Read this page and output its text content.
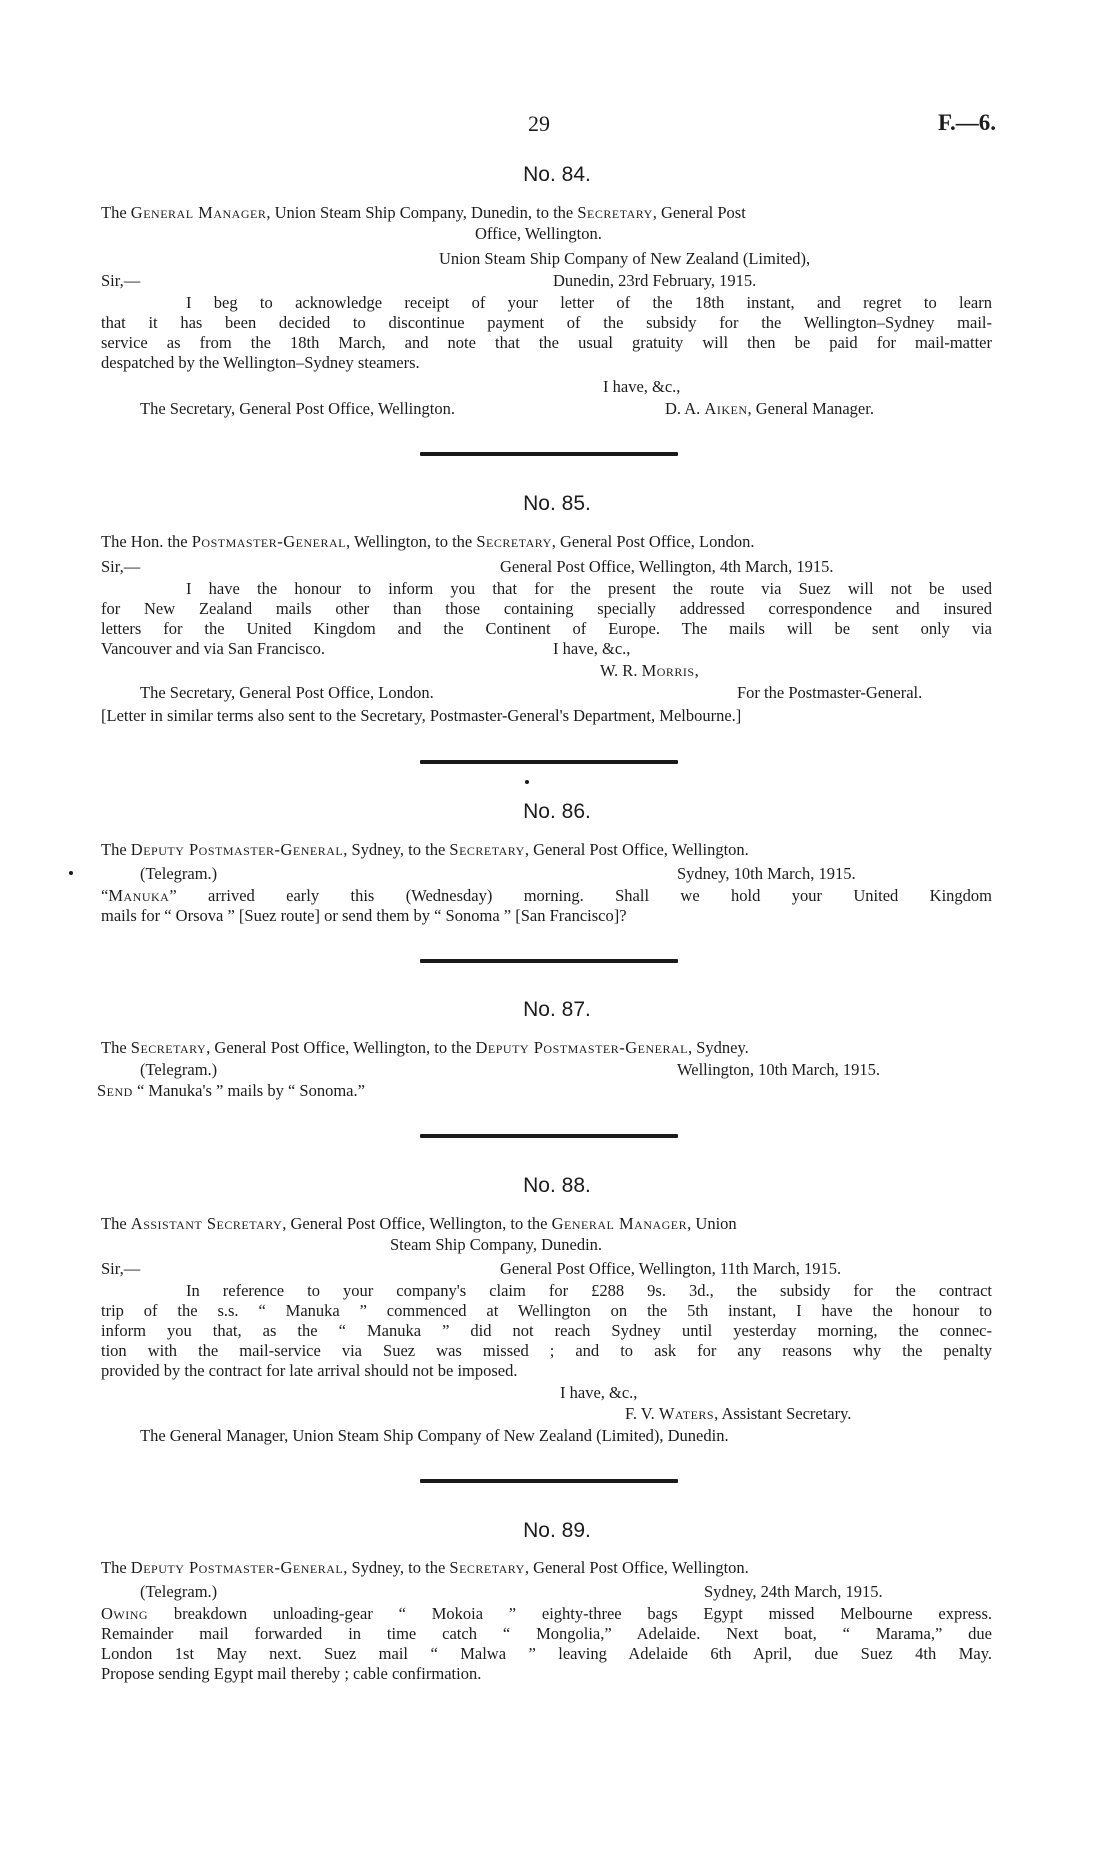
29	F.—6.
No. 84.
The General Manager, Union Steam Ship Company, Dunedin, to the Secretary, General Post
Office, Wellington.
Union Steam Ship Company of New Zealand (Limited),
Sir,—	Dunedin, 23rd February, 1915.
I beg to acknowledge receipt of your letter of the 18th instant, and regret to learn
that it has been decided to discontinue payment of the subsidy for the Wellington–Sydney mail-
service as from the 18th March, and note that the usual gratuity will then be paid for mail-matter
despatched by the Wellington–Sydney steamers.
I have, &c.,
The Secretary, General Post Office, Wellington.	D. A. Aiken, General Manager.
No. 85.
The Hon. the Postmaster-General, Wellington, to the Secretary, General Post Office, London.
Sir,—	General Post Office, Wellington, 4th March, 1915.
I have the honour to inform you that for the present the route via Suez will not be used
for New Zealand mails other than those containing specially addressed correspondence and insured
letters for the United Kingdom and the Continent of Europe. The mails will be sent only via
Vancouver and via San Francisco.	I have, &c.,
W. R. Morris,
The Secretary, General Post Office, London.	For the Postmaster-General.
[Letter in similar terms also sent to the Secretary, Postmaster-General's Department, Melbourne.]
No. 86.
The Deputy Postmaster-General, Sydney, to the Secretary, General Post Office, Wellington.
(Telegram.)	Sydney, 10th March, 1915.
“Manuka” arrived early this (Wednesday) morning. Shall we hold your United Kingdom
mails for “ Orsova ” [Suez route] or send them by “ Sonoma ” [San Francisco]?
No. 87.
The Secretary, General Post Office, Wellington, to the Deputy Postmaster-General, Sydney.
(Telegram.)	Wellington, 10th March, 1915.
Send “ Manuka's ” mails by “ Sonoma.”
No. 88.
The Assistant Secretary, General Post Office, Wellington, to the General Manager, Union
Steam Ship Company, Dunedin.
Sir,—	General Post Office, Wellington, 11th March, 1915.
In reference to your company's claim for £288 9s. 3d., the subsidy for the contract
trip of the s.s. “ Manuka ” commenced at Wellington on the 5th instant, I have the honour to
inform you that, as the “ Manuka ” did not reach Sydney until yesterday morning, the connec-
tion with the mail-service via Suez was missed ; and to ask for any reasons why the penalty
provided by the contract for late arrival should not be imposed.
I have, &c.,
F. V. Waters, Assistant Secretary.
The General Manager, Union Steam Ship Company of New Zealand (Limited), Dunedin.
No. 89.
The Deputy Postmaster-General, Sydney, to the Secretary, General Post Office, Wellington.
(Telegram.)	Sydney, 24th March, 1915.
Owing breakdown unloading-gear “ Mokoia ” eighty-three bags Egypt missed Melbourne express.
Remainder mail forwarded in time catch “ Mongolia,” Adelaide. Next boat, “ Marama,” due
London 1st May next. Suez mail “ Malwa ” leaving Adelaide 6th April, due Suez 4th May.
Propose sending Egypt mail thereby ; cable confirmation.
